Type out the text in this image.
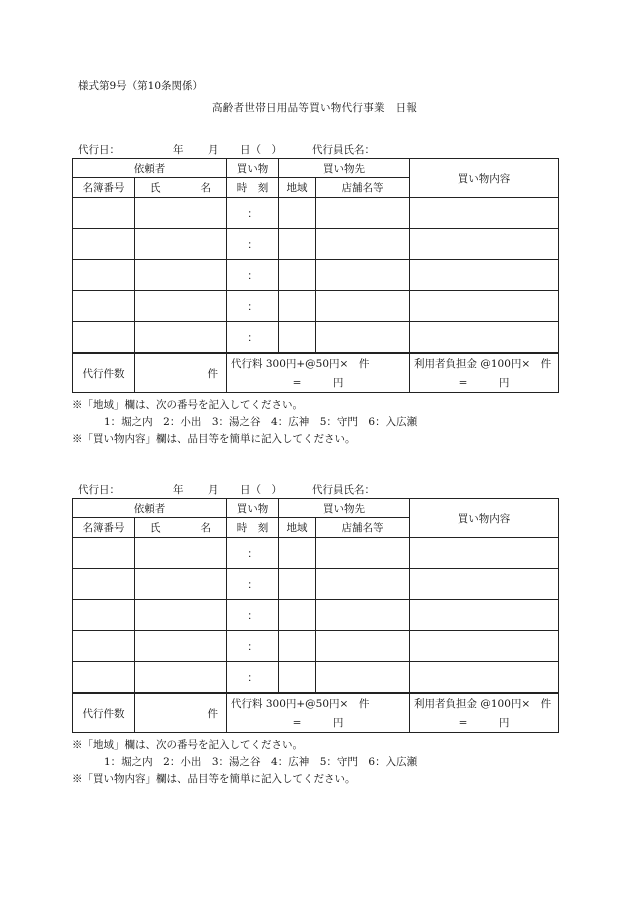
様式第9号（第10条関係）
高齢者世帯日用品等買い物代行事業　日報
代行日：	年 月 日（　）	代行員氏名：
依頼者		買い物	買い物先		買い物内容
名簿番号	氏 名	時　刻	地域	店舗名等	
		：			
		：			
		：			
		：			
		：			
代行件数	件	代行料 300円+@50円×　件			利用者負担金 @100円×　件
		=　　　円			=　　　円
※「地域」欄は、次の番号を記入してください。
1：堀之内　2：小出　3：湯之谷　4：広神　5：守門　6：入広瀬
※「買い物内容」欄は、品目等を簡単に記入してください。
代行日：	年 月 日（　）	代行員氏名：
依頼者		買い物	買い物先		買い物内容
名簿番号	氏 名	時　刻	地域	店舗名等	
		：			
		：			
		：			
		：			
		：			
代行件数	件	代行料 300円+@50円×　件			利用者負担金 @100円×　件
		=　　　円			=　　　円
※「地域」欄は、次の番号を記入してください。
1：堀之内　2：小出　3：湯之谷　4：広神　5：守門　6：入広瀬
※「買い物内容」欄は、品目等を簡単に記入してください。
